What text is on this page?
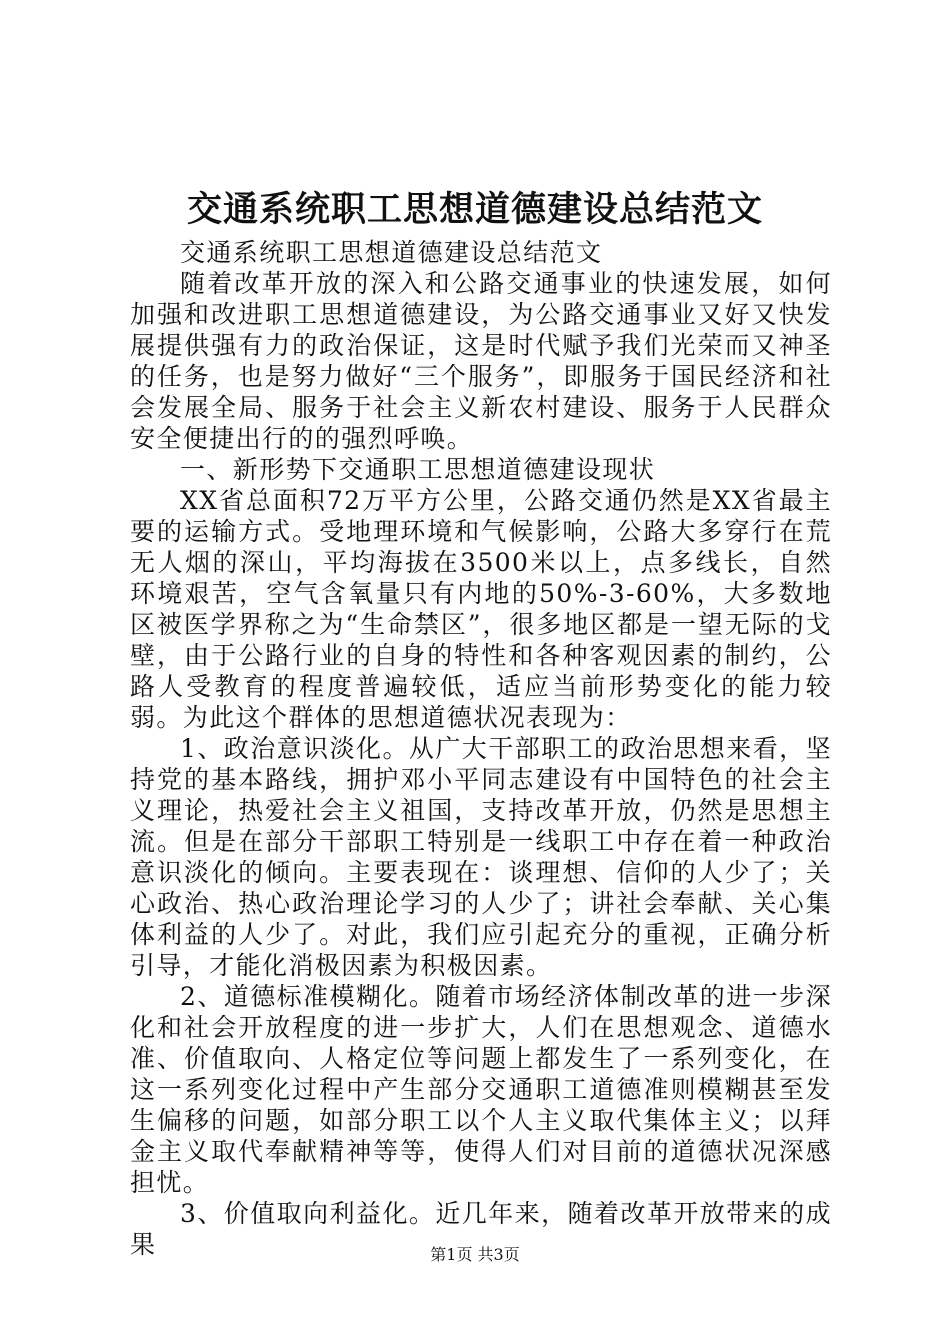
交通系统职工思想道德建设总结范文

交通系统职工思想道德建设总结范文

随着改革开放的深入和公路交通事业的快速发展，如何加强和改进职工思想道德建设，为公路交通事业又好又快发展提供强有力的政治保证，这是时代赋予我们光荣而又神圣的任务，也是努力做好“三个服务”，即服务于国民经济和社会发展全局、服务于社会主义新农村建设、服务于人民群众安全便捷出行的的强烈呼唤。

一、新形势下交通职工思想道德建设现状

XX省总面积72万平方公里，公路交通仍然是XX省最主要的运输方式。受地理环境和气候影响，公路大多穿行在荒无人烟的深山，平均海拔在3500米以上，点多线长，自然环境艰苦，空气含氧量只有内地的50%-3-60%，大多数地区被医学界称之为“生命禁区”，很多地区都是一望无际的戈壁，由于公路行业的自身的特性和各种客观因素的制约，公路人受教育的程度普遍较低，适应当前形势变化的能力较弱。为此这个群体的思想道德状况表现为：

1、政治意识淡化。从广大干部职工的政治思想来看，坚持党的基本路线，拥护邓小平同志建设有中国特色的社会主义理论，热爱社会主义祖国，支持改革开放，仍然是思想主流。但是在部分干部职工特别是一线职工中存在着一种政治意识淡化的倾向。主要表现在：谈理想、信仰的人少了；关心政治、热心政治理论学习的人少了；讲社会奉献、关心集体利益的人少了。对此，我们应引起充分的重视，正确分析引导，才能化消极因素为积极因素。

2、道德标准模糊化。随着市场经济体制改革的进一步深化和社会开放程度的进一步扩大，人们在思想观念、道德水准、价值取向、人格定位等问题上都发生了一系列变化，在这一系列变化过程中产生部分交通职工道德准则模糊甚至发生偏移的问题，如部分职工以个人主义取代集体主义；以拜金主义取代奉献精神等等，使得人们对目前的道德状况深感担忧。

3、价值取向利益化。近几年来，随着改革开放带来的成果	第1页 共3页
